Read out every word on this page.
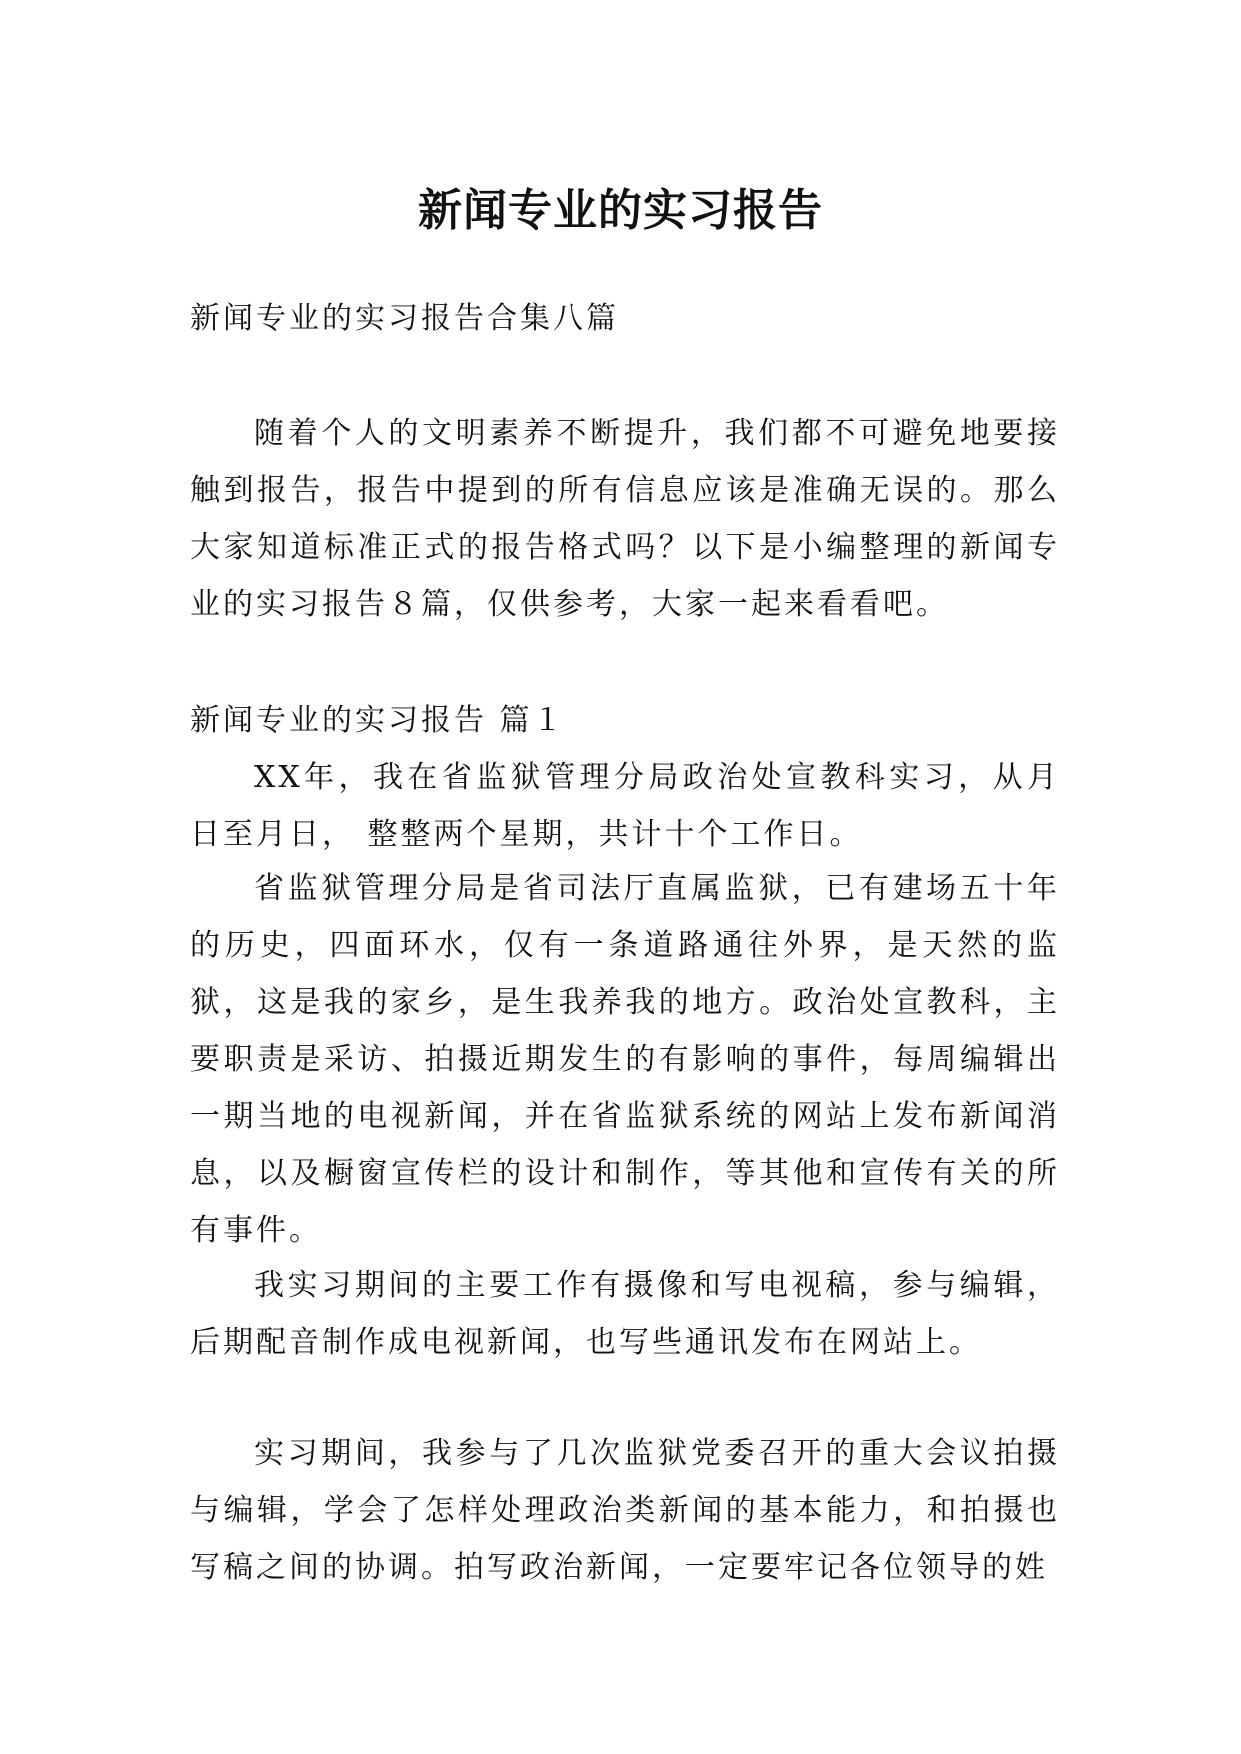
新闻专业的实习报告

新闻专业的实习报告合集八篇

随着个人的文明素养不断提升，我们都不可避免地要接触到报告，报告中提到的所有信息应该是准确无误的。那么大家知道标准正式的报告格式吗？以下是小编整理的新闻专业的实习报告８篇，仅供参考，大家一起来看看吧。

新闻专业的实习报告 篇１

XX年，我在省监狱管理分局政治处宣教科实习，从月日至月日， 整整两个星期，共计十个工作日。

省监狱管理分局是省司法厅直属监狱，已有建场五十年的历史，四面环水，仅有一条道路通往外界，是天然的监狱，这是我的家乡，是生我养我的地方。政治处宣教科，主要职责是采访、拍摄近期发生的有影响的事件，每周编辑出一期当地的电视新闻，并在省监狱系统的网站上发布新闻消息，以及橱窗宣传栏的设计和制作，等其他和宣传有关的所有事件。

我实习期间的主要工作有摄像和写电视稿，参与编辑，后期配音制作成电视新闻，也写些通讯发布在网站上。

实习期间，我参与了几次监狱党委召开的重大会议拍摄与编辑，学会了怎样处理政治类新闻的基本能力，和拍摄也写稿之间的协调。拍写政治新闻，一定要牢记各位领导的姓
